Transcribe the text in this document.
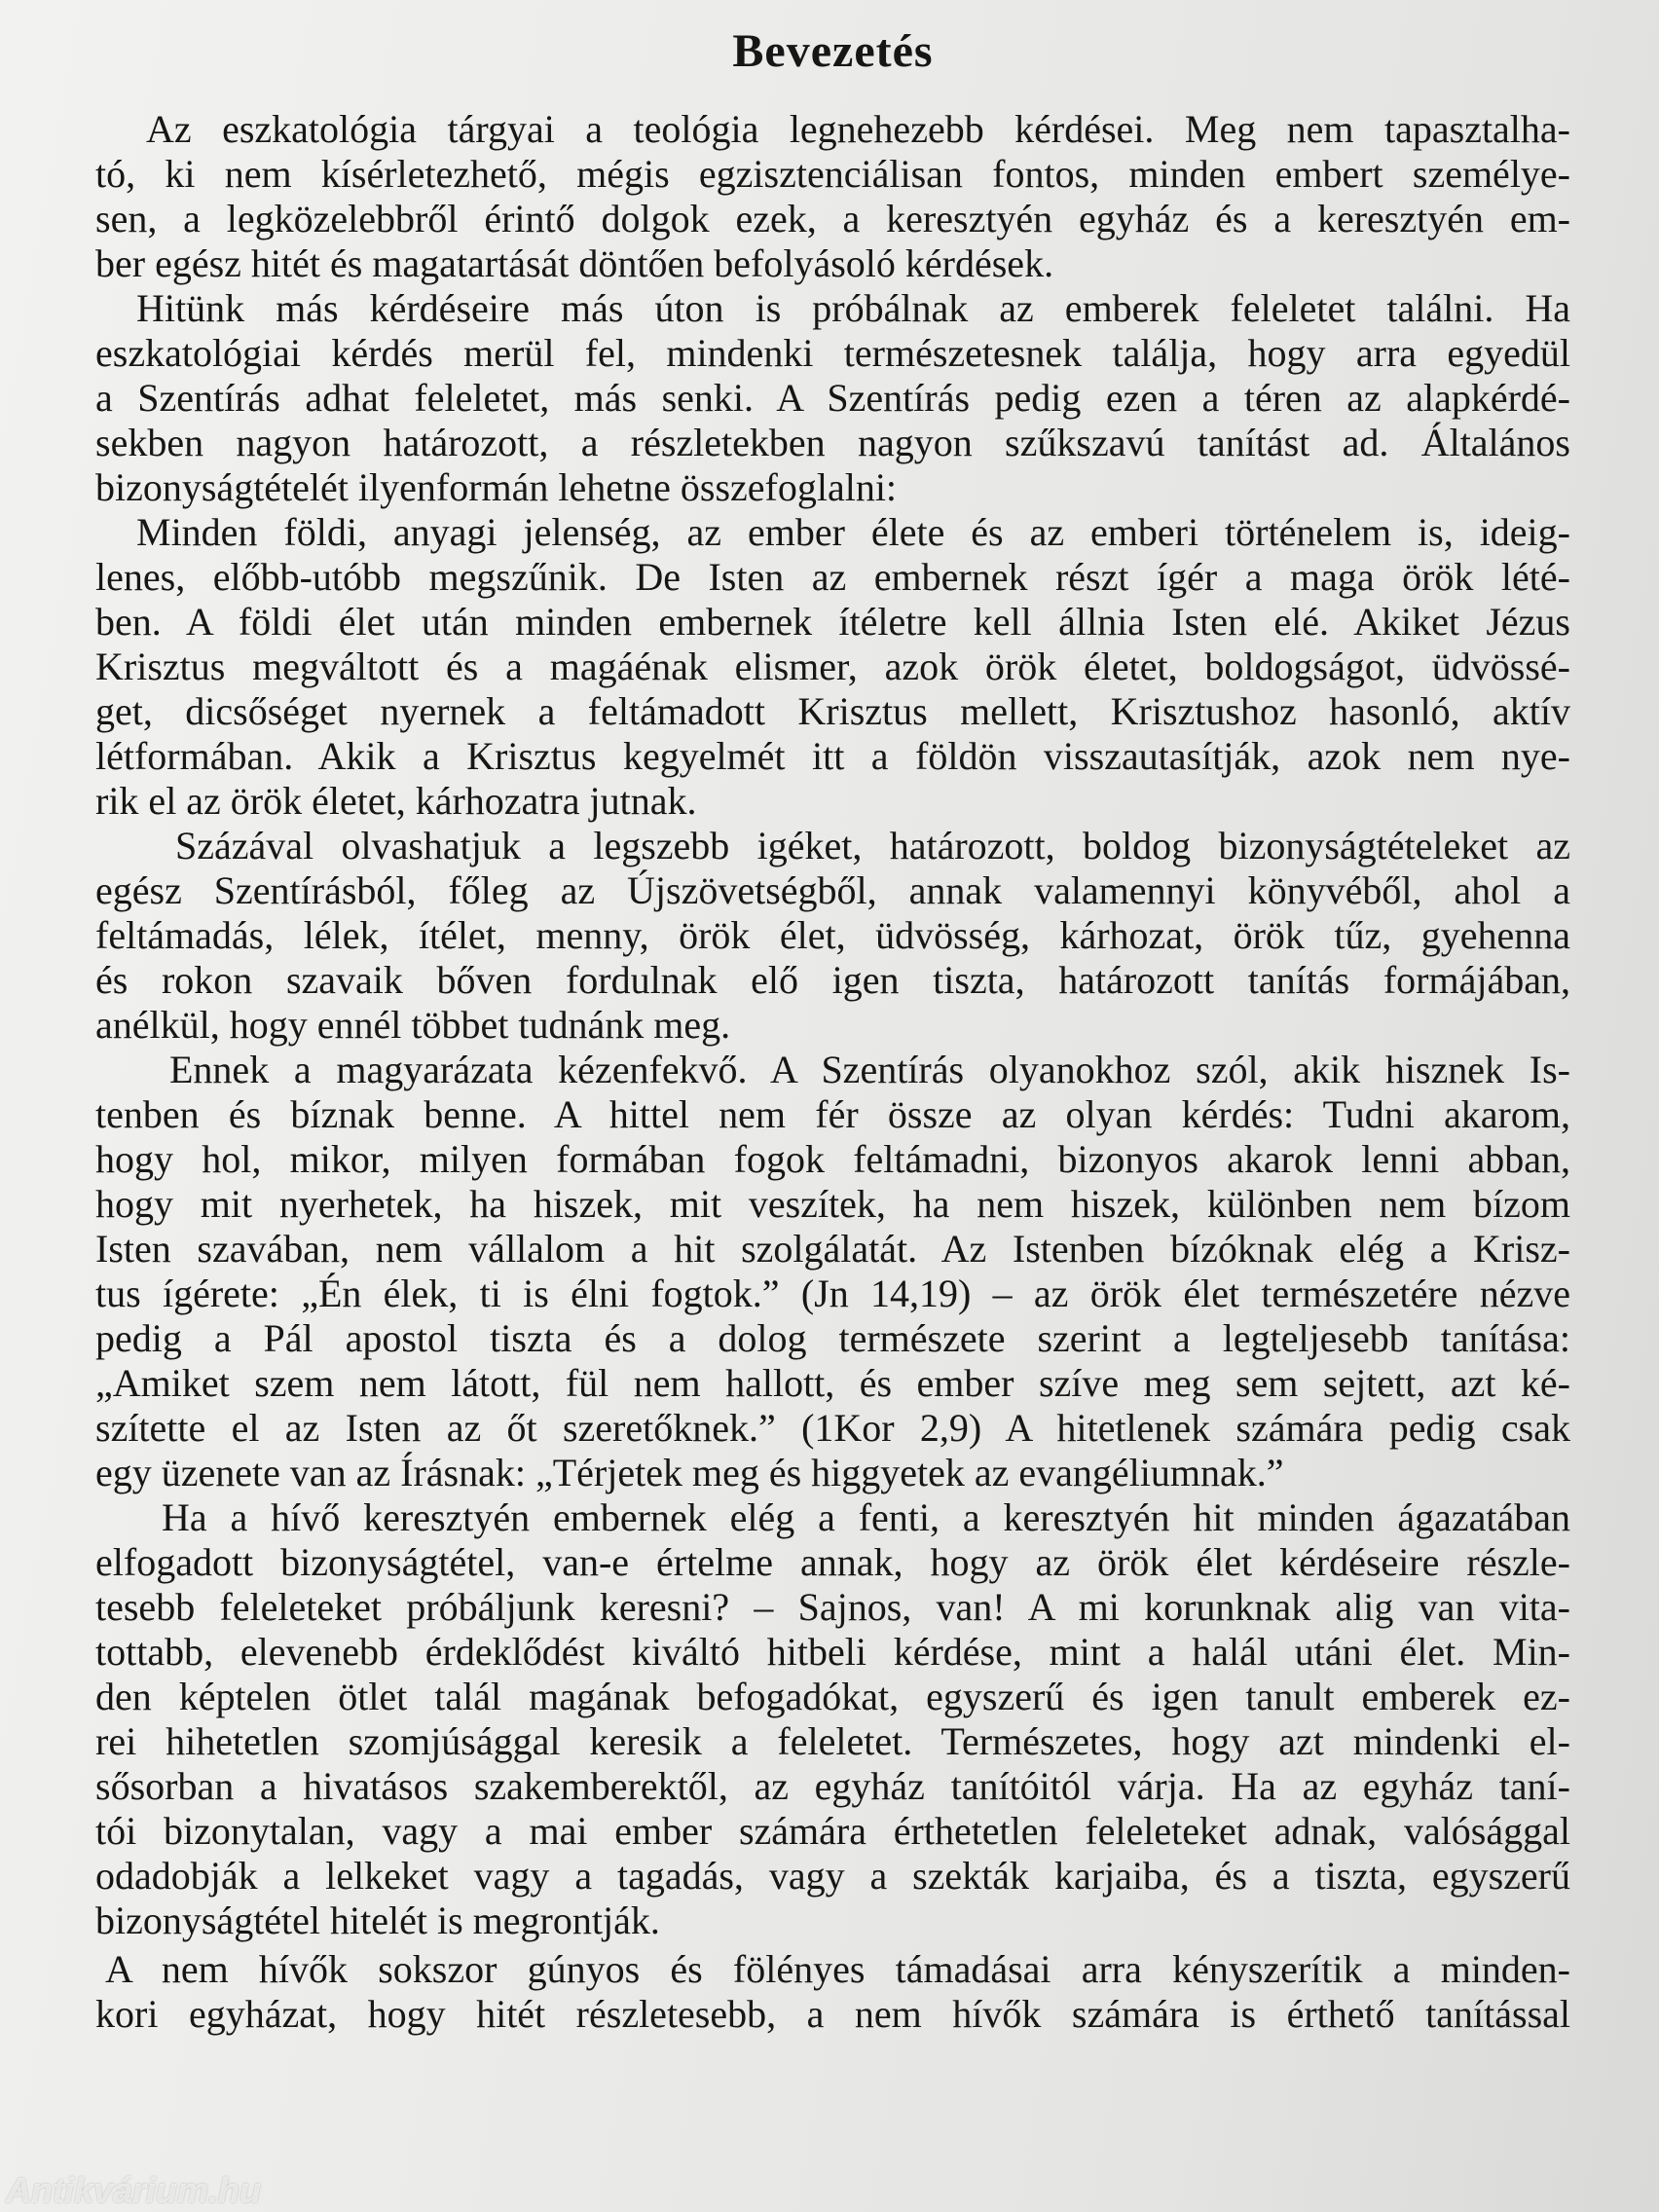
Bevezetés
Az eszkatológia tárgyai a teológia legnehezebb kérdései. Meg nem tapasztalha-
tó, ki nem kísérletezhető, mégis egzisztenciálisan fontos, minden embert személye-
sen, a legközelebbről érintő dolgok ezek, a keresztyén egyház és a keresztyén em-
ber egész hitét és magatartását döntően befolyásoló kérdések.
Hitünk más kérdéseire más úton is próbálnak az emberek feleletet találni. Ha
eszkatológiai kérdés merül fel, mindenki természetesnek találja, hogy arra egyedül
a Szentírás adhat feleletet, más senki. A Szentírás pedig ezen a téren az alapkérdé-
sekben nagyon határozott, a részletekben nagyon szűkszavú tanítást ad. Általános
bizonyságtételét ilyenformán lehetne összefoglalni:
Minden földi, anyagi jelenség, az ember élete és az emberi történelem is, ideig-
lenes, előbb-utóbb megszűnik. De Isten az embernek részt ígér a maga örök lété-
ben. A földi élet után minden embernek ítéletre kell állnia Isten elé. Akiket Jézus
Krisztus megváltott és a magáénak elismer, azok örök életet, boldogságot, üdvössé-
get, dicsőséget nyernek a feltámadott Krisztus mellett, Krisztushoz hasonló, aktív
létformában. Akik a Krisztus kegyelmét itt a földön visszautasítják, azok nem nye-
rik el az örök életet, kárhozatra jutnak.
Százával olvashatjuk a legszebb igéket, határozott, boldog bizonyságtételeket az
egész Szentírásból, főleg az Újszövetségből, annak valamennyi könyvéből, ahol a
feltámadás, lélek, ítélet, menny, örök élet, üdvösség, kárhozat, örök tűz, gyehenna
és rokon szavaik bőven fordulnak elő igen tiszta, határozott tanítás formájában,
anélkül, hogy ennél többet tudnánk meg.
Ennek a magyarázata kézenfekvő. A Szentírás olyanokhoz szól, akik hisznek Is-
tenben és bíznak benne. A hittel nem fér össze az olyan kérdés: Tudni akarom,
hogy hol, mikor, milyen formában fogok feltámadni, bizonyos akarok lenni abban,
hogy mit nyerhetek, ha hiszek, mit veszítek, ha nem hiszek, különben nem bízom
Isten szavában, nem vállalom a hit szolgálatát. Az Istenben bízóknak elég a Krisz-
tus ígérete: „Én élek, ti is élni fogtok.” (Jn 14,19) – az örök élet természetére nézve
pedig a Pál apostol tiszta és a dolog természete szerint a legteljesebb tanítása:
„Amiket szem nem látott, fül nem hallott, és ember szíve meg sem sejtett, azt ké-
szítette el az Isten az őt szeretőknek.” (1Kor 2,9) A hitetlenek számára pedig csak
egy üzenete van az Írásnak: „Térjetek meg és higgyetek az evangéliumnak.”
Ha a hívő keresztyén embernek elég a fenti, a keresztyén hit minden ágazatában
elfogadott bizonyságtétel, van-e értelme annak, hogy az örök élet kérdéseire részle-
tesebb feleleteket próbáljunk keresni? – Sajnos, van! A mi korunknak alig van vita-
tottabb, elevenebb érdeklődést kiváltó hitbeli kérdése, mint a halál utáni élet. Min-
den képtelen ötlet talál magának befogadókat, egyszerű és igen tanult emberek ez-
rei hihetetlen szomjúsággal keresik a feleletet. Természetes, hogy azt mindenki el-
sősorban a hivatásos szakemberektől, az egyház tanítóitól várja. Ha az egyház taní-
tói bizonytalan, vagy a mai ember számára érthetetlen feleleteket adnak, valósággal
odadobják a lelkeket vagy a tagadás, vagy a szekták karjaiba, és a tiszta, egyszerű
bizonyságtétel hitelét is megrontják.
A nem hívők sokszor gúnyos és fölényes támadásai arra kényszerítik a minden-
kori egyházat, hogy hitét részletesebb, a nem hívők számára is érthető tanítással
Antikvárium.hu
